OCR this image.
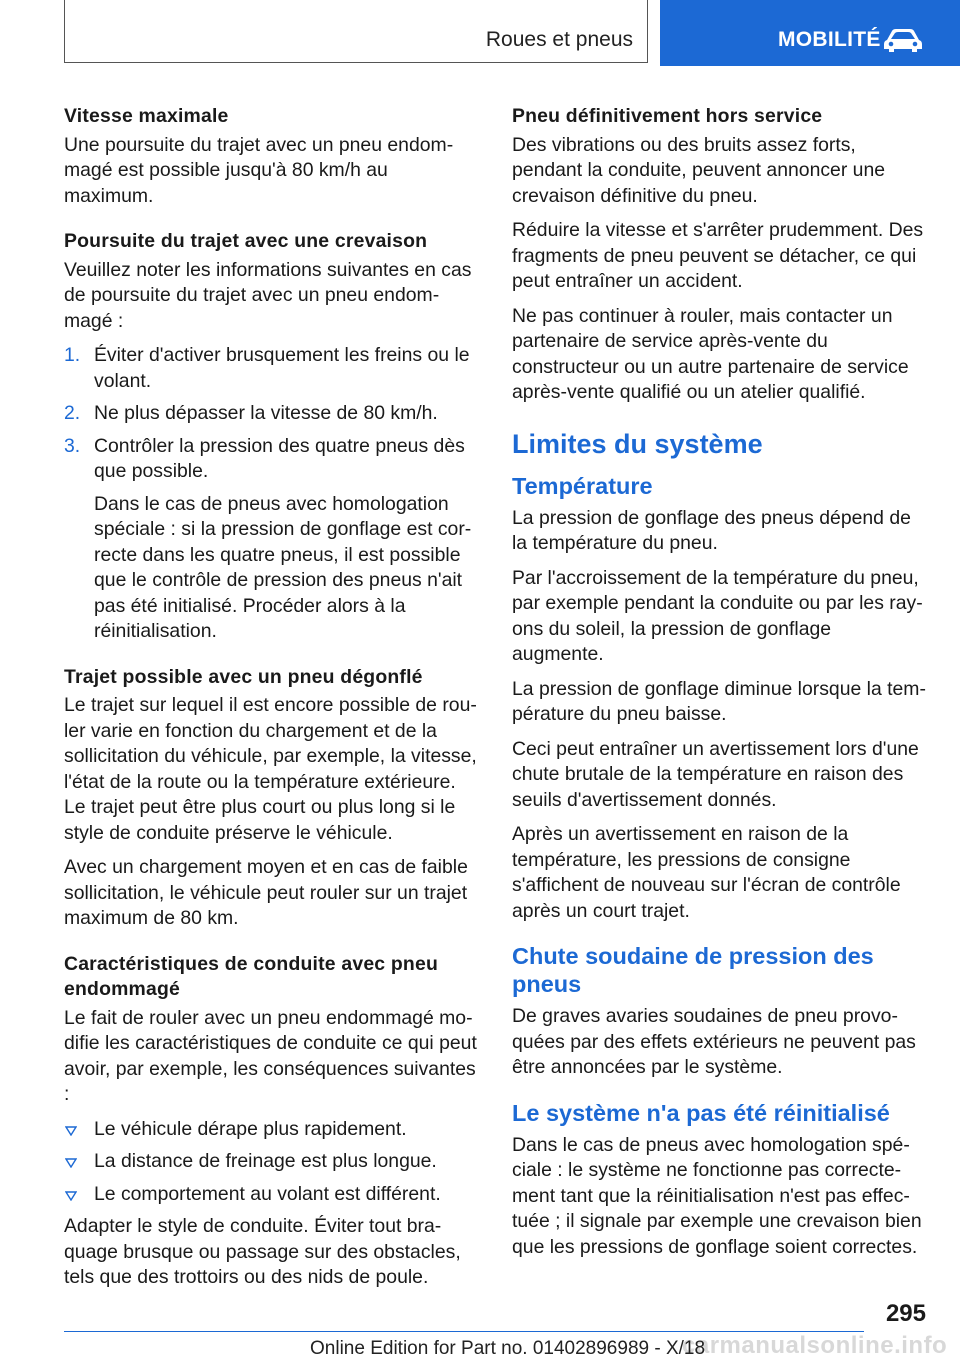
Roues et pneus	MOBILITÉ
Vitesse maximale

Une poursuite du trajet avec un pneu endommagé est possible jusqu'à 80 km/h au maximum.

Poursuite du trajet avec une crevaison

Veuillez noter les informations suivantes en cas de poursuite du trajet avec un pneu endommagé :

1. Éviter d'activer brusquement les freins ou le volant.
2. Ne plus dépasser la vitesse de 80 km/h.
3. Contrôler la pression des quatre pneus dès que possible.

Dans le cas de pneus avec homologation spéciale : si la pression de gonflage est correcte dans les quatre pneus, il est possible que le contrôle de pression des pneus n'ait pas été initialisé. Procéder alors à la réinitialisation.

Trajet possible avec un pneu dégonflé

Le trajet sur lequel il est encore possible de rouler varie en fonction du chargement et de la sollicitation du véhicule, par exemple, la vitesse, l'état de la route ou la température extérieure. Le trajet peut être plus court ou plus long si le style de conduite préserve le véhicule.

Avec un chargement moyen et en cas de faible sollicitation, le véhicule peut rouler sur un trajet maximum de 80 km.

Caractéristiques de conduite avec pneu endommagé

Le fait de rouler avec un pneu endommagé modifie les caractéristiques de conduite ce qui peut avoir, par exemple, les conséquences suivantes :

Le véhicule dérape plus rapidement.
La distance de freinage est plus longue.
Le comportement au volant est différent.

Adapter le style de conduite. Éviter tout braquage brusque ou passage sur des obstacles, tels que des trottoirs ou des nids de poule.

Pneu définitivement hors service

Des vibrations ou des bruits assez forts, pendant la conduite, peuvent annoncer une crevaison définitive du pneu.

Réduire la vitesse et s'arrêter prudemment. Des fragments de pneu peuvent se détacher, ce qui peut entraîner un accident.

Ne pas continuer à rouler, mais contacter un partenaire de service après-vente du constructeur ou un autre partenaire de service après-vente qualifié ou un atelier qualifié.

Limites du système
Température

La pression de gonflage des pneus dépend de la température du pneu.

Par l'accroissement de la température du pneu, par exemple pendant la conduite ou par les rayons du soleil, la pression de gonflage augmente.

La pression de gonflage diminue lorsque la température du pneu baisse.

Ceci peut entraîner un avertissement lors d'une chute brutale de la température en raison des seuils d'avertissement donnés.

Après un avertissement en raison de la température, les pressions de consigne s'affichent de nouveau sur l'écran de contrôle après un court trajet.

Chute soudaine de pression des pneus

De graves avaries soudaines de pneu provoquées par des effets extérieurs ne peuvent pas être annoncées par le système.

Le système n'a pas été réinitialisé

Dans le cas de pneus avec homologation spéciale : le système ne fonctionne pas correctement tant que la réinitialisation n'est pas effectuée ; il signale par exemple une crevaison bien que les pressions de gonflage soient correctes.

295
carmanualsonline.info
Online Edition for Part no. 01402896989 - X/18
